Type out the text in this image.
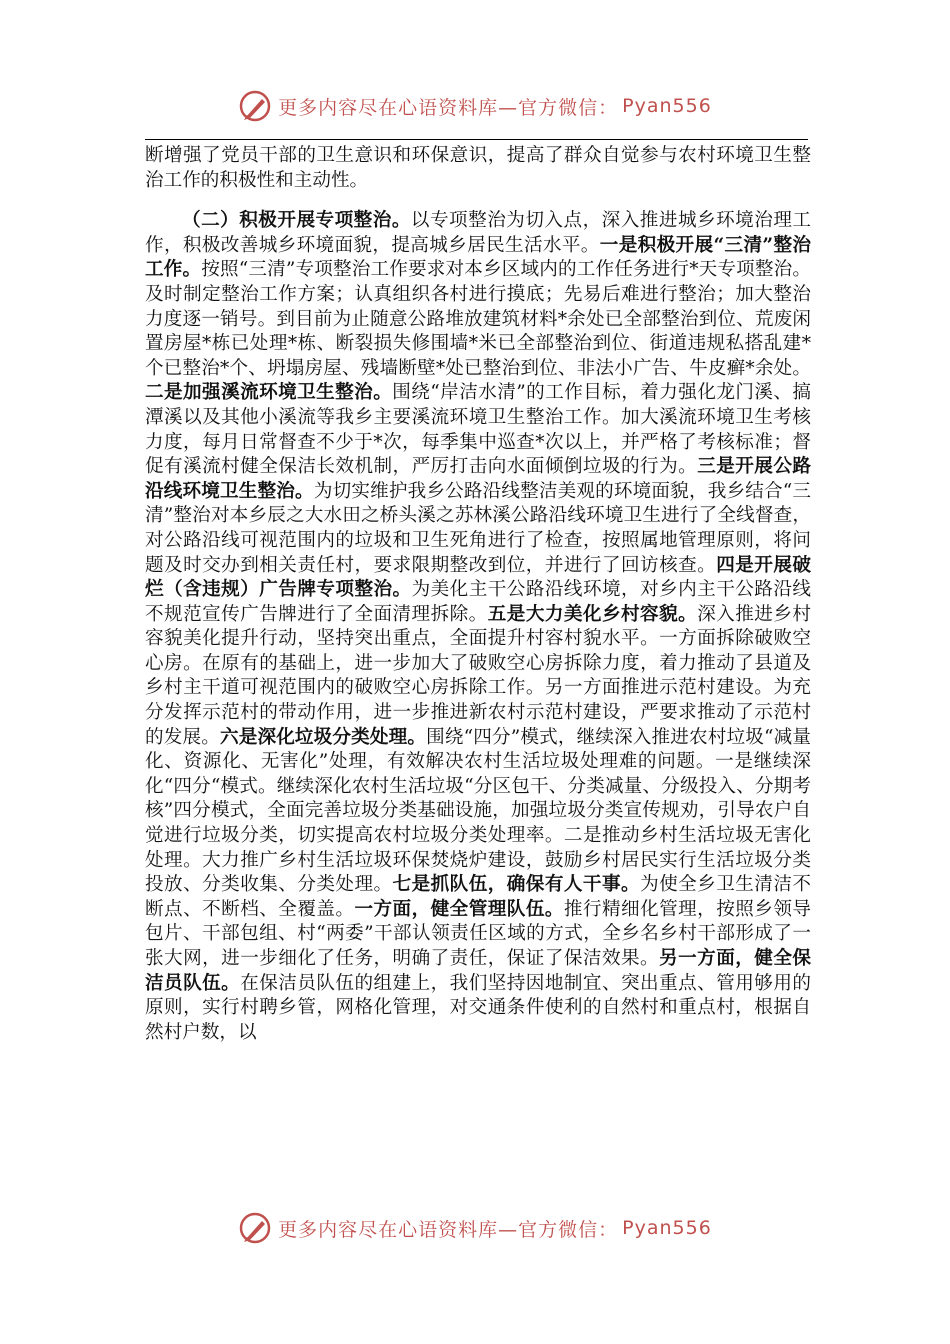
更多内容尽在心语资料库—官方微信： Pyan556

断增强了党员干部的卫生意识和环保意识，提高了群众自觉参与农村环境卫生整治工作的积极性和主动性。

（二）积极开展专项整治。以专项整治为切入点，深入推进城乡环境治理工作，积极改善城乡环境面貌，提高城乡居民生活水平。一是积极开展“三清”整治工作。按照“三清”专项整治工作要求对本乡区域内的工作任务进行*天专项整治。及时制定整治工作方案；认真组织各村进行摸底；先易后难进行整治；加大整治力度逐一销号。到目前为止随意公路堆放建筑材料*余处已全部整治到位、荒废闲置房屋*栋已处理*栋、断裂损失修围墙*米已全部整治到位、街道违规私搭乱建*个已整治*个、坍塌房屋、残墙断壁*处已整治到位、非法小广告、牛皮癣*余处。二是加强溪流环境卫生整治。围绕“岸洁水清”的工作目标，着力强化龙门溪、搞潭溪以及其他小溪流等我乡主要溪流环境卫生整治工作。加大溪流环境卫生考核力度，每月日常督查不少于*次，每季集中巡查*次以上，并严格了考核标准；督促有溪流村健全保洁长效机制，严厉打击向水面倾倒垃圾的行为。三是开展公路沿线环境卫生整治。为切实维护我乡公路沿线整洁美观的环境面貌，我乡结合“三清”整治对本乡辰之大水田之桥头溪之苏林溪公路沿线环境卫生进行了全线督查，对公路沿线可视范围内的垃圾和卫生死角进行了检查，按照属地管理原则，将问题及时交办到相关责任村，要求限期整改到位，并进行了回访核查。四是开展破烂（含违规）广告牌专项整治。为美化主干公路沿线环境，对乡内主干公路沿线不规范宣传广告牌进行了全面清理拆除。五是大力美化乡村容貌。深入推进乡村容貌美化提升行动，坚持突出重点，全面提升村容村貌水平。一方面拆除破败空心房。在原有的基础上，进一步加大了破败空心房拆除力度，着力推动了县道及乡村主干道可视范围内的破败空心房拆除工作。另一方面推进示范村建设。为充分发挥示范村的带动作用，进一步推进新农村示范村建设，严要求推动了示范村的发展。六是深化垃圾分类处理。围绕“四分”模式，继续深入推进农村垃圾“减量化、资源化、无害化”处理，有效解决农村生活垃圾处理难的问题。一是继续深化“四分“模式。继续深化农村生活垃圾“分区包干、分类减量、分级投入、分期考核”四分模式，全面完善垃圾分类基础设施，加强垃圾分类宣传规劝，引导农户自觉进行垃圾分类，切实提高农村垃圾分类处理率。二是推动乡村生活垃圾无害化处理。大力推广乡村生活垃圾环保焚烧炉建设，鼓励乡村居民实行生活垃圾分类投放、分类收集、分类处理。七是抓队伍，确保有人干事。为使全乡卫生清洁不断点、不断档、全覆盖。一方面，健全管理队伍。推行精细化管理，按照乡领导包片、干部包组、村“两委”干部认领责任区域的方式，全乡名乡村干部形成了一张大网，进一步细化了任务，明确了责任，保证了保洁效果。另一方面，健全保洁员队伍。在保洁员队伍的组建上，我们坚持因地制宜、突出重点、管用够用的原则，实行村聘乡管，网格化管理，对交通条件使利的自然村和重点村，根据自然村户数，以

更多内容尽在心语资料库—官方微信： Pyan556
